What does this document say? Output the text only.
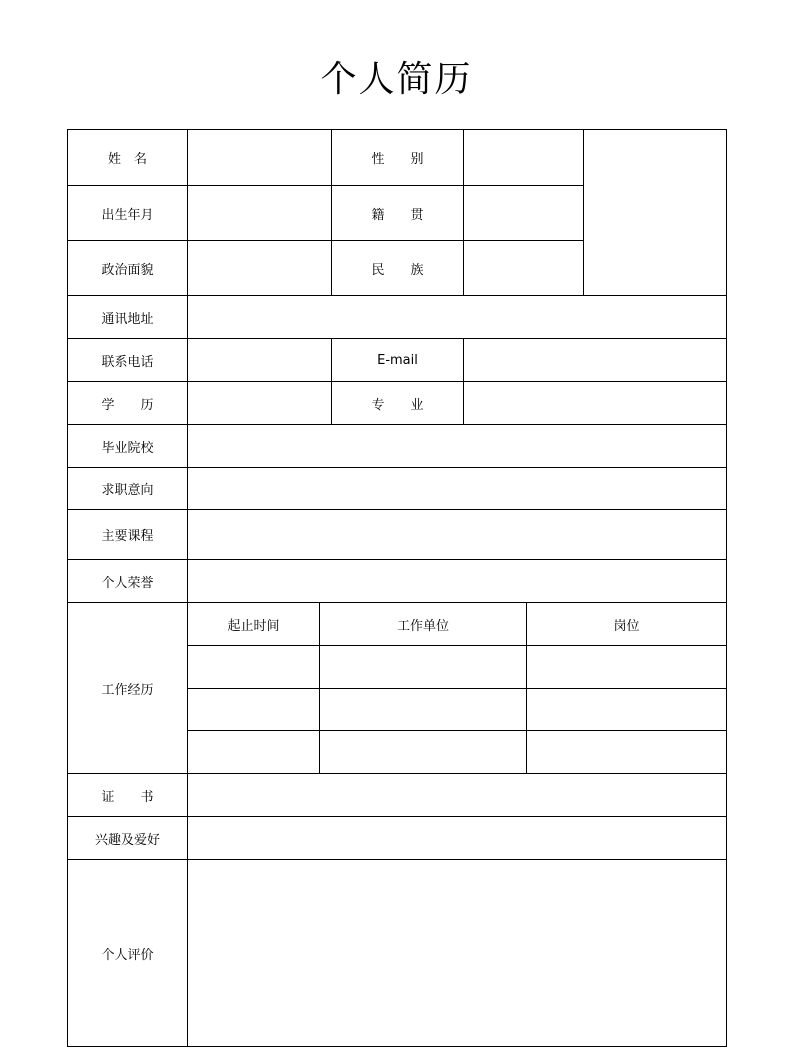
个人简历
姓　名	性　　别
出生年月	籍　　贯
政治面貌	民　　族
通讯地址
联系电话	E-mail
学　　历	专　　业
毕业院校
求职意向
主要课程
个人荣誉
工作经历
起止时间	工作单位	岗位
证　　书
兴趣及爱好
个人评价
